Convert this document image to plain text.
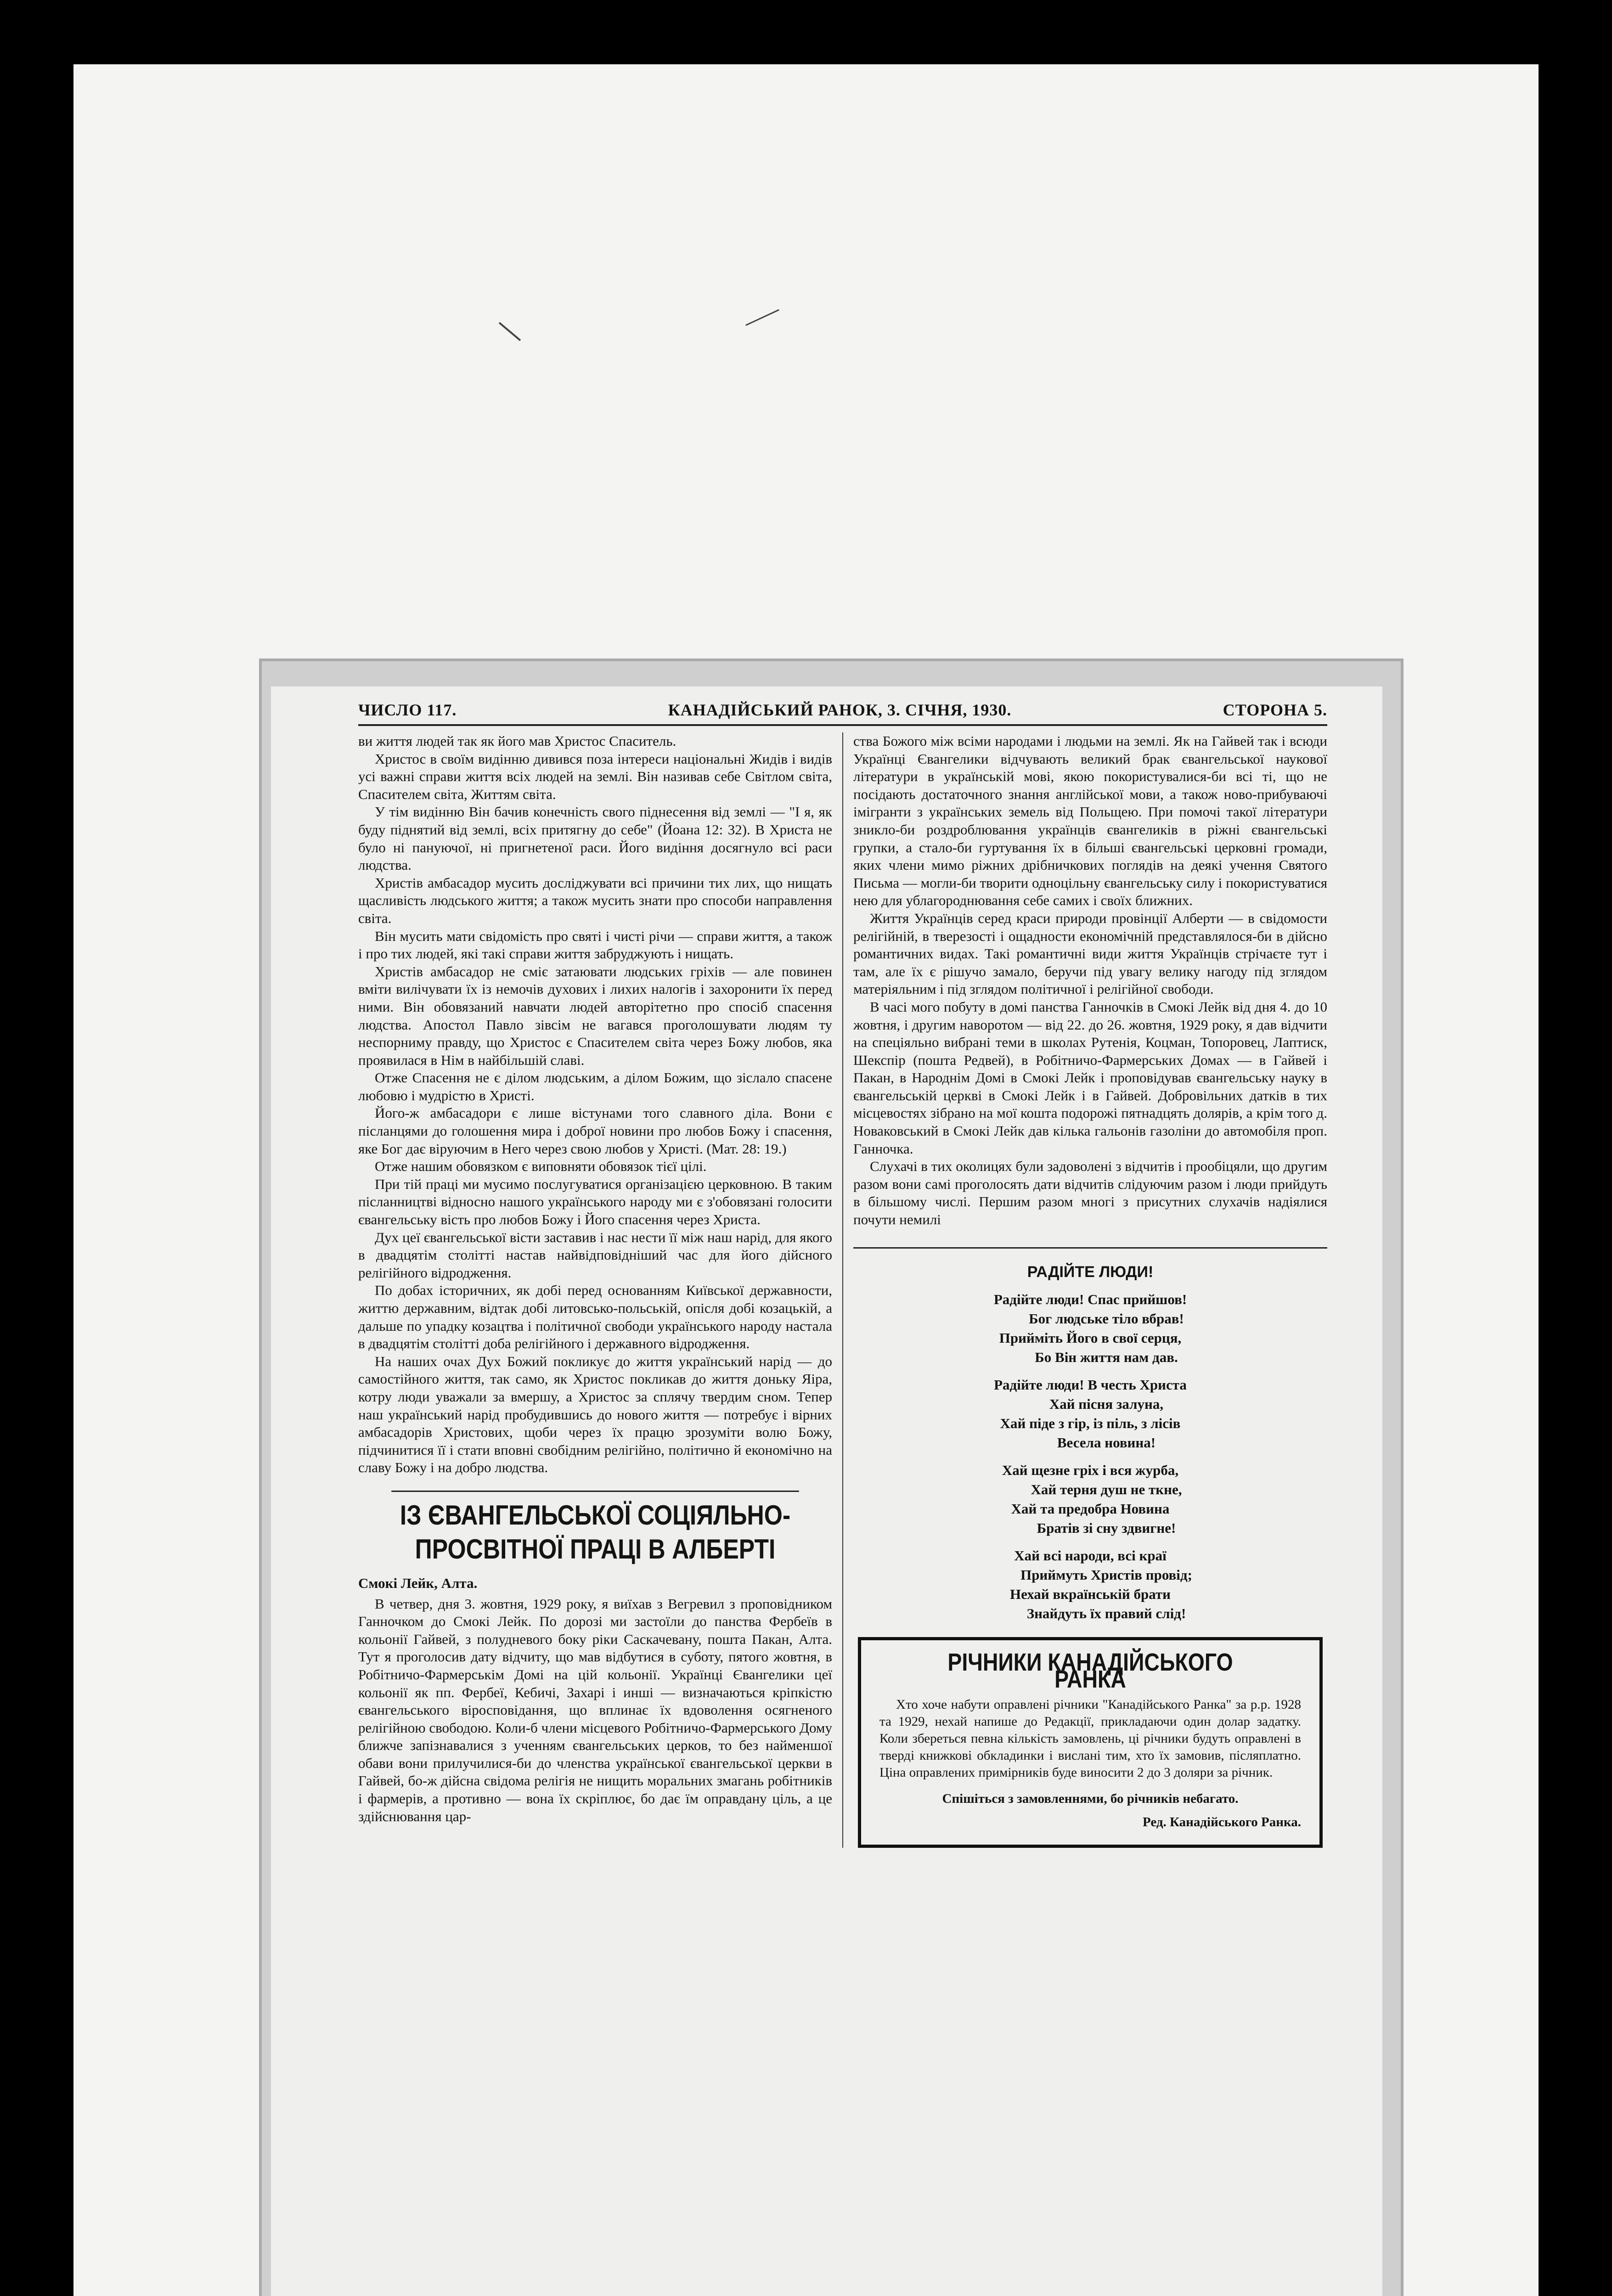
ЧИСЛО 117.	КАНАДІЙСЬКИЙ РАНОК, 3. СІЧНЯ, 1930.	СТОРОНА 5.

ви життя людей так як його мав Христос Спаситель.

Христос в своїм видінню дивився поза інтереси національні Жидів і видів усі важні справи життя всіх людей на землі. Він називав себе Світлом світа, Спасителем світа, Життям світа.

У тім видінню Він бачив конечність свого піднесення від землі — "І я, як буду піднятий від землі, всіх притягну до себе" (Йоана 12: 32). В Христа не було ні пануючої, ні пригнетеної раси. Його видіння досягнуло всі раси людства.

Христів амбасадор мусить досліджувати всі причини тих лих, що нищать щасливість людського життя; а також мусить знати про способи направлення світа.

Він мусить мати свідомість про святі і чисті річи — справи життя, а також і про тих людей, які такі справи життя забруджують і нищать.

Христів амбасадор не сміє затаювати людських гріхів — але повинен вміти вилічувати їх із немочів духових і лихих налогів і захоронити їх перед ними. Він обовязаний навчати людей авторітетно про спосіб спасення людства. Апостол Павло зівсім не вагався проголошувати людям ту неспорниму правду, що Христос є Спасителем світа через Божу любов, яка проявилася в Нім в найбільшій славі.

Отже Спасення не є ділом людським, а ділом Божим, що зіслало спасене любовю і мудрістю в Христі.

Його-ж амбасадори є лише вістунами того славного діла. Вони є післанцями до голошення мира і доброї новини про любов Божу і спасення, яке Бог дає віруючим в Него через свою любов у Христі. (Мат. 28: 19.)

Отже нашим обовязком є виповняти обовязок тієї цілі.

При тій праці ми мусимо послугуватися організацією церковною. В таким післанництві відносно нашого українського народу ми є з'обовязані голосити євангельську вість про любов Божу і Його спасення через Христа.

Дух цеї євангельської вісти заставив і нас нести її між наш нарід, для якого в двадцятім столітті настав найвідповідніший час для його дійсного релігійного відродження.

По добах історичних, як добі перед основанням Київської державности, життю державним, відтак добі литовсько-польській, опісля добі козацькій, а дальше по упадку козацтва і політичної свободи українського народу настала в двадцятім столітті доба релігійного і державного відродження.

На наших очах Дух Божий покликує до життя український нарід — до самостійного життя, так само, як Христос покликав до життя доньку Яіра, котру люди уважали за вмершу, а Христос за сплячу твердим сном. Тепер наш український нарід пробудившись до нового життя — потребує і вірних амбасадорів Христових, щоби через їх працю зрозуміти волю Божу, підчинитися її і стати вповні свобідним релігійно, політично й економічно на славу Божу і на добро людства.

ІЗ ЄВАНГЕЛЬСЬКОЇ СОЦІЯЛЬНО-ПРОСВІТНОЇ ПРАЦІ В АЛБЕРТІ
Смокі Лейк, Алта.

В четвер, дня 3. жовтня, 1929 року, я виїхав з Вегревил з проповідником Ганночком до Смокі Лейк. По дорозі ми застоїли до панства Фербеїв в кольонії Гайвей, з полудневого боку ріки Саскачевану, пошта Пакан, Алта. Тут я проголосив дату відчиту, що мав відбутися в суботу, пятого жовтня, в Робітничо-Фармерськім Домі на цій кольонії. Українці Євангелики цеї кольонії як пп. Фербеї, Кебичі, Захарі і инші — визначаються кріпкістю євангельського віросповідання, що вплинає їх вдоволення осягненого релігійною свободою. Коли-б члени місцевого Робітничо-Фармерського Дому ближче запізнавалися з ученням євангельських церков, то без найменшої обави вони прилучилися-би до членства української євангельської церкви в Гайвей, бо-ж дійсна свідома релігія не нищить моральних змагань робітників і фармерів, а противно — вона їх скріплює, бо дає їм оправдану ціль, а це здійснювання цар-

ства Божого між всіми народами і людьми на землі. Як на Гайвей так і всюди Українці Євангелики відчувають великий брак євангельської наукової літератури в українській мові, якою покористувалися-би всі ті, що не посідають достаточного знання англійської мови, а також ново-прибуваючі імігранти з українських земель від Польщею. При помочі такої літератури зникло-би роздроблювання українців євангеликів в ріжні євангельські групки, а стало-би гуртування їх в більші євангельські церковні громади, яких члени мимо ріжних дрібничкових поглядів на деякі учення Святого Письма — могли-би творити одноцільну євангельську силу і покористуватися нею для ублагороднювання себе самих і своїх ближних.

Життя Українців серед краси природи провінції Алберти — в свідомости релігійній, в тверезості і ощадности економічній представлялося-би в дійсно романтичних видах. Такі романтичні види життя Українців стрічаєте тут і там, але їх є рішучо замало, беручи під увагу велику нагоду під зглядом матеріяльним і під зглядом політичної і релігійної свободи.

В часі мого побуту в домі панства Ганночків в Смокі Лейк від дня 4. до 10 жовтня, і другим наворотом — від 22. до 26. жовтня, 1929 року, я дав відчити на спеціяльно вибрані теми в школах Рутенія, Коцман, Топоровец, Лаптиск, Шекспір (пошта Редвей), в Робітничо-Фармерських Домах — в Гайвей і Пакан, в Народнім Домі в Смокі Лейк і проповідував євангельську науку в євангельській церкві в Смокі Лейк і в Гайвей. Добровільних датків в тих місцевостях зібрано на мої кошта подорожі пятнадцять долярів, а крім того д. Новаковський в Смокі Лейк дав кілька гальонів газоліни до автомобіля проп. Ганночка.

Слухачі в тих околицях були задоволені з відчитів і прообіцяли, що другим разом вони самі проголосять дати відчитів слідуючим разом і люди прийдуть в більшому числі. Першим разом многі з присутних слухачів надіялися почути немилі

РАДІЙТЕ ЛЮДИ!
Радійте люди! Спас прийшов!
Бог людське тіло вбрав!
Прийміть Його в свої серця,
Бо Він життя нам дав.
Радійте люди! В честь Христа
Хай пісня залуна,
Хай піде з гір, із піль, з лісів
Весела новина!
Хай щезне гріх і вся журба,
Хай терня душ не ткне,
Хай та предобра Новина
Братів зі сну здвигне!
Хай всі народи, всі краї
Приймуть Христів провід;
Нехай вкраїнській брати
Знайдуть їх правий слід!
РІЧНИКИ КАНАДІЙСЬКОГО РАНКА

Хто хоче набути оправлені річники "Канадійського Ранка" за р.р. 1928 та 1929, нехай напише до Редакції, прикладаючи один долар задатку. Коли збереться певна кількість замовлень, ці річники будуть оправлені в тверді книжкові обкладинки і вислані тим, хто їх замовив, післяплатно. Ціна оправлених примірників буде виносити 2 до 3 доляри за річник.

Спішіться з замовленнями, бо річників небагато.
Ред. Канадійського Ранка.
